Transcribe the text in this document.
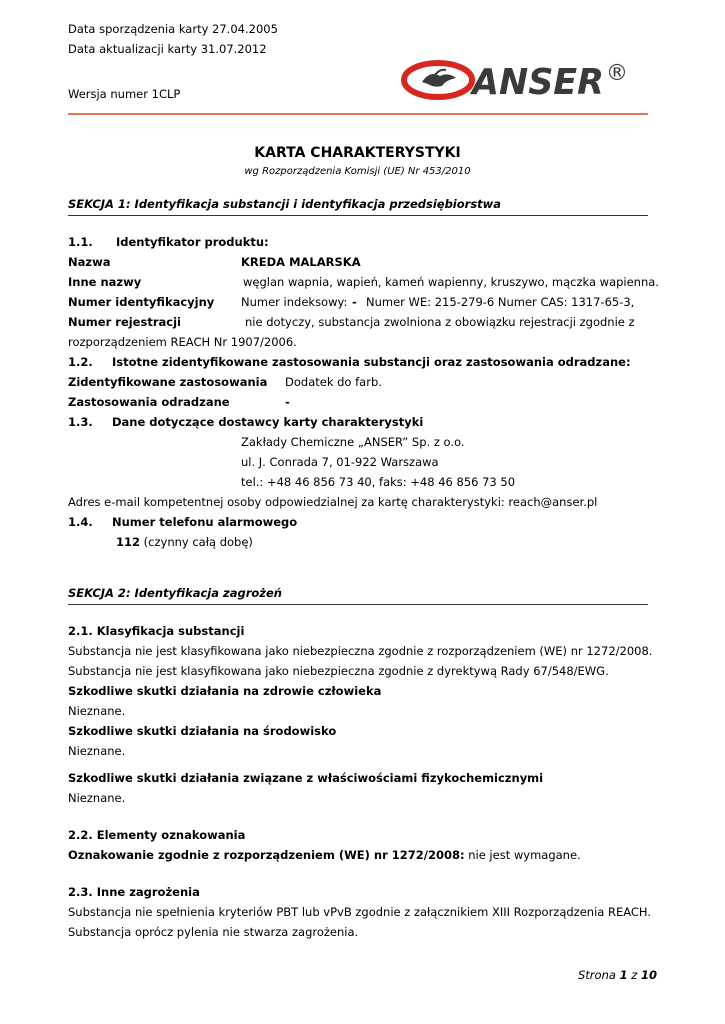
Data sporządzenia karty 27.04.2005
Data aktualizacji karty 31.07.2012
Wersja numer 1CLP	ANSER ®
KARTA CHARAKTERYSTYKI
wg Rozporządzenia Komisji (UE) Nr 453/2010
SEKCJA 1: Identyfikacja substancji i identyfikacja przedsiębiorstwa
1.1. Identyfikator produktu:
Nazwa	KREDA MALARSKA
Inne nazwy	węglan wapnia, wapień, kameń wapienny, kruszywo, mączka wapienna.
Numer identyfikacyjny Numer indeksowy: - Numer WE: 215-279-6 Numer CAS: 1317-65-3,
Numer rejestracji	nie dotyczy, substancja zwolniona z obowiązku rejestracji zgodnie z
rozporządzeniem REACH Nr 1907/2006.
1.2. Istotne zidentyfikowane zastosowania substancji oraz zastosowania odradzane:
Zidentyfikowane zastosowania Dodatek do farb.
Zastosowania odradzane	-
1.3. Dane dotyczące dostawcy karty charakterystyki
Zakłady Chemiczne „ANSER” Sp. z o.o.
ul. J. Conrada 7, 01-922 Warszawa
tel.: +48 46 856 73 40, faks: +48 46 856 73 50
Adres e-mail kompetentnej osoby odpowiedzialnej za kartę charakterystyki: reach@anser.pl
1.4. Numer telefonu alarmowego
112 (czynny całą dobę)
SEKCJA 2: Identyfikacja zagrożeń
2.1. Klasyfikacja substancji
Substancja nie jest klasyfikowana jako niebezpieczna zgodnie z rozporządzeniem (WE) nr 1272/2008.
Substancja nie jest klasyfikowana jako niebezpieczna zgodnie z dyrektywą Rady 67/548/EWG.
Szkodliwe skutki działania na zdrowie człowieka
Nieznane.
Szkodliwe skutki działania na środowisko
Nieznane.
Szkodliwe skutki działania związane z właściwościami fizykochemicznymi
Nieznane.
2.2. Elementy oznakowania
Oznakowanie zgodnie z rozporządzeniem (WE) nr 1272/2008: nie jest wymagane.
2.3. Inne zagrożenia
Substancja nie spełnienia kryteriów PBT lub vPvB zgodnie z załącznikiem XIII Rozporządzenia REACH.
Substancja oprócz pylenia nie stwarza zagrożenia.
Strona 1 z 10
